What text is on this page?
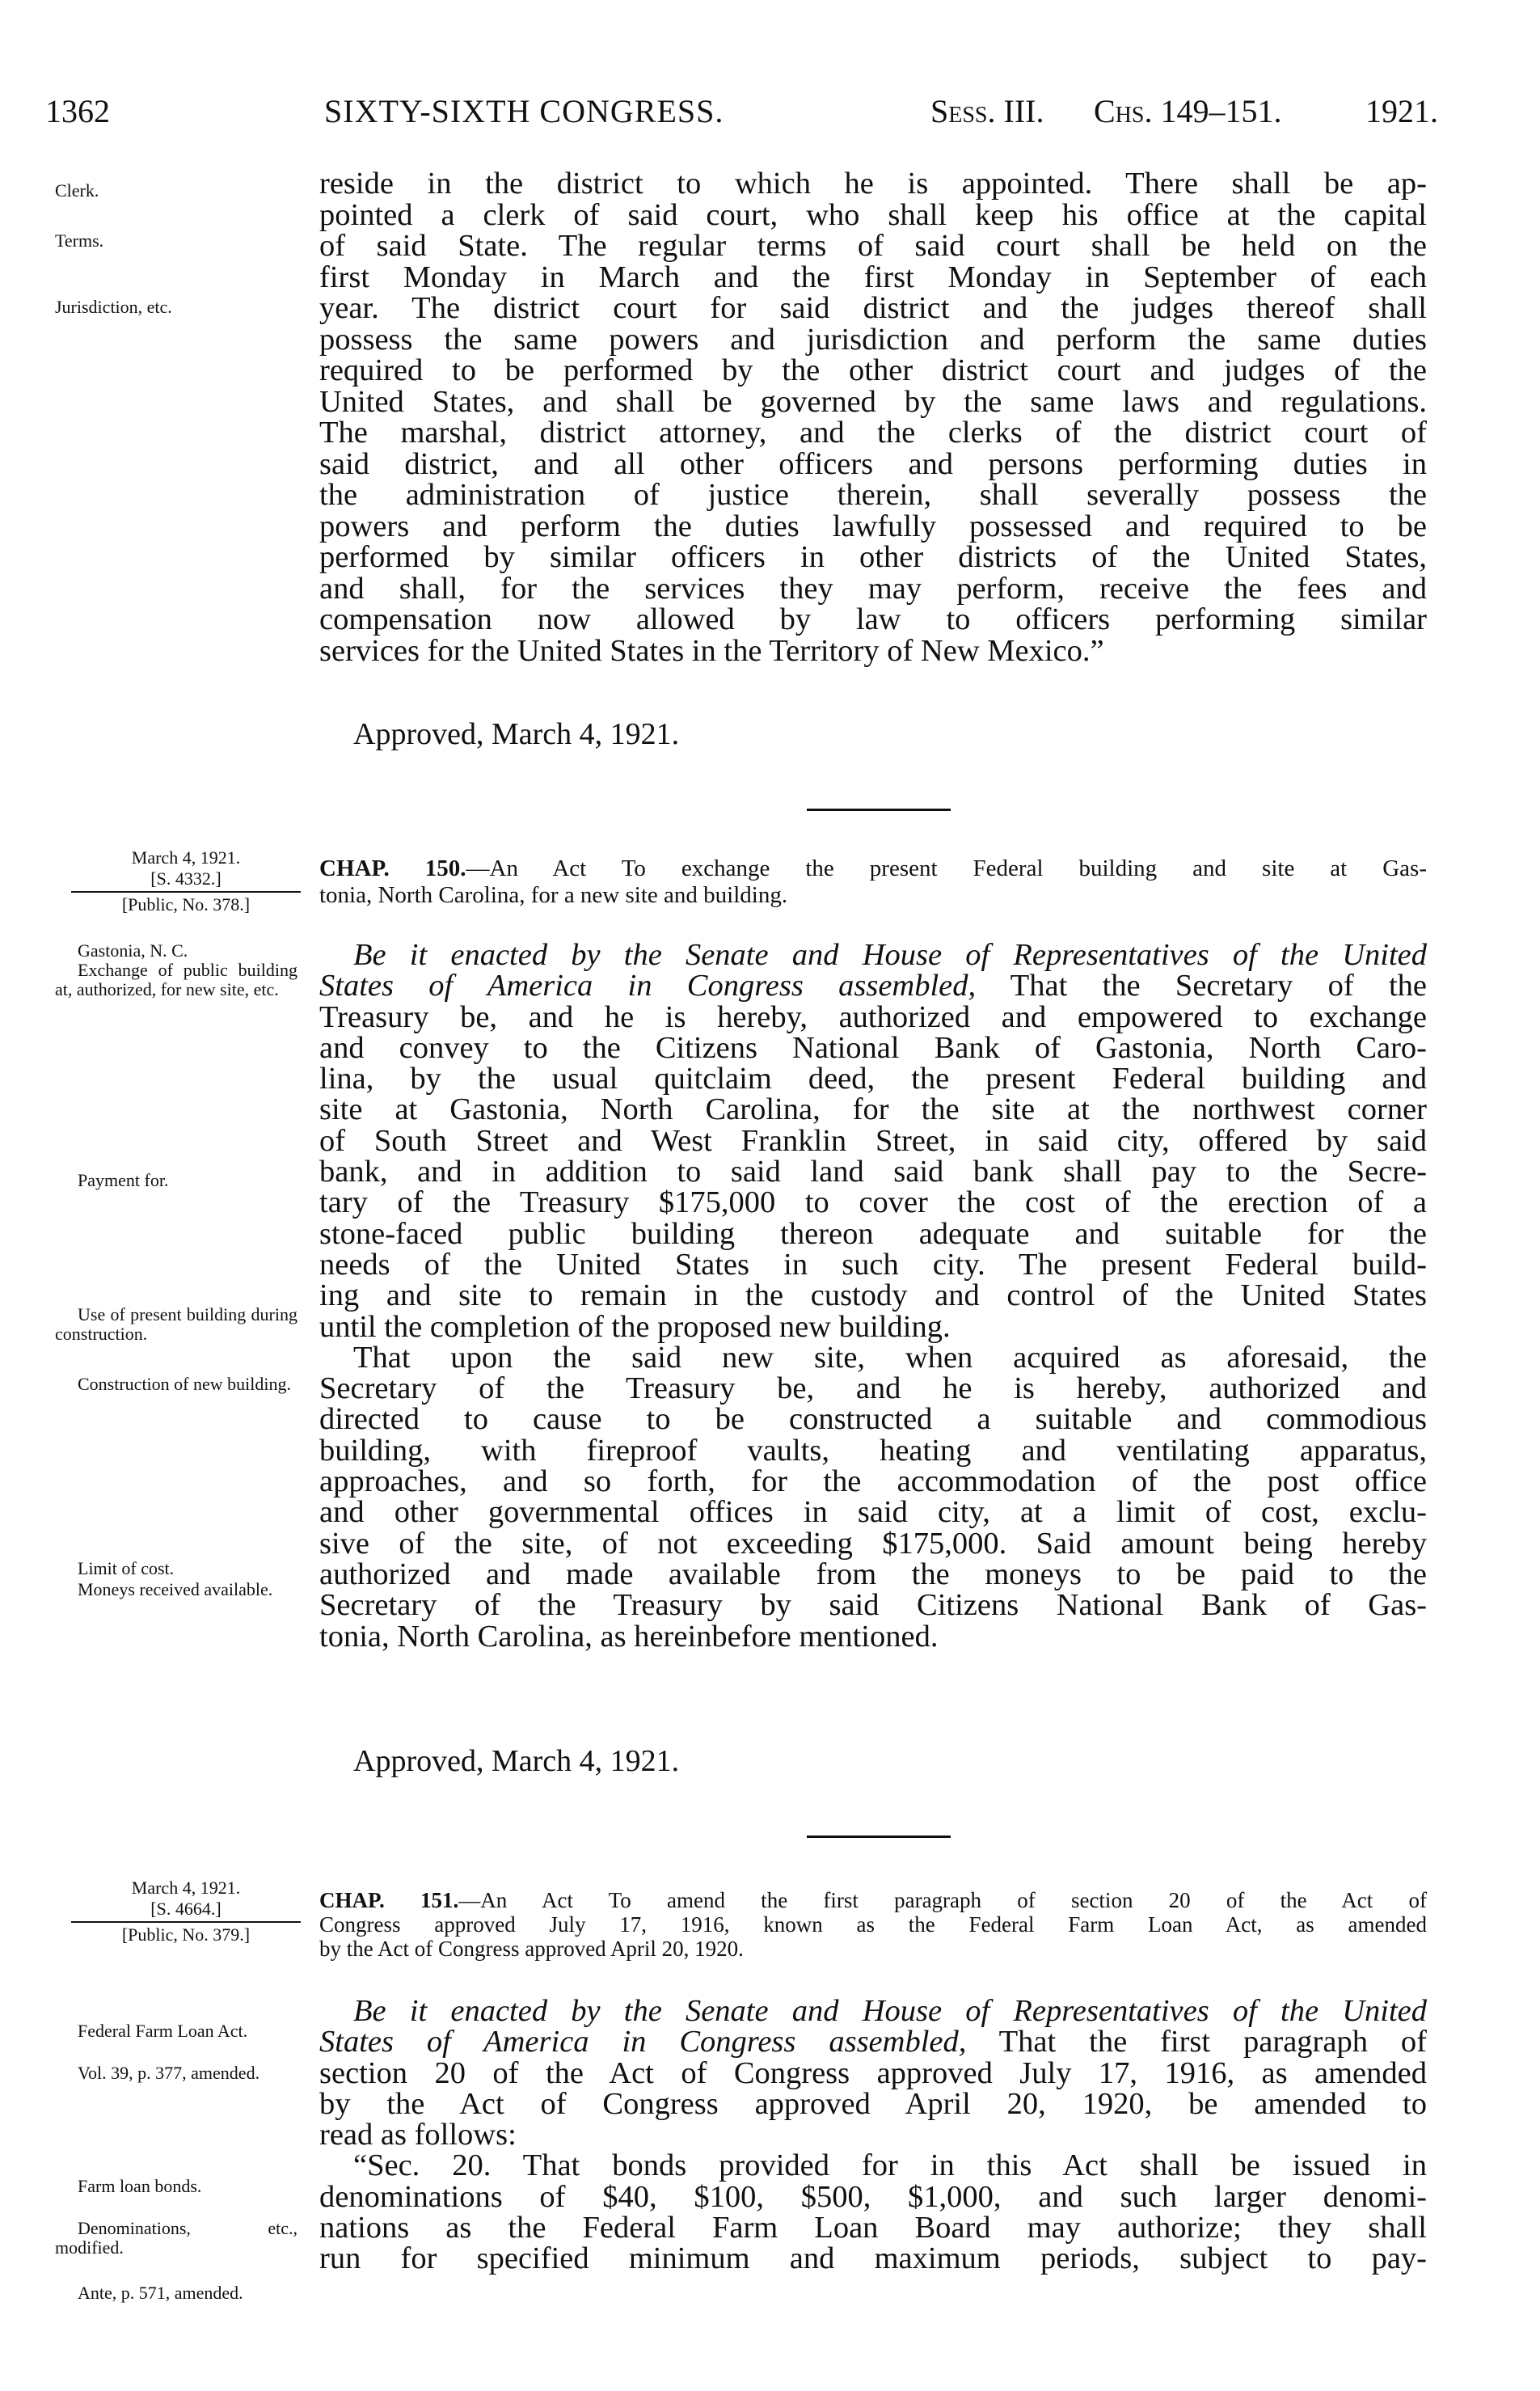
1362	SIXTY-SIXTH CONGRESS.	Sess. III. Chs. 149–151.	1921.
Clerk.
Terms.
Jurisdiction, etc.
reside in the district to which he is appointed. There shall be ap-
pointed a clerk of said court, who shall keep his office at the capital
of said State. The regular terms of said court shall be held on the
first Monday in March and the first Monday in September of each
year. The district court for said district and the judges thereof shall
possess the same powers and jurisdiction and perform the same duties
required to be performed by the other district court and judges of the
United States, and shall be governed by the same laws and regulations.
The marshal, district attorney, and the clerks of the district court of
said district, and all other officers and persons performing duties in
the administration of justice therein, shall severally possess the
powers and perform the duties lawfully possessed and required to be
performed by similar officers in other districts of the United States,
and shall, for the services they may perform, receive the fees and
compensation now allowed by law to officers performing similar
services for the United States in the Territory of New Mexico.”
Approved, March 4, 1921.
March 4, 1921.
[S. 4332.]
[Public, No. 378.]
CHAP. 150.—An Act To exchange the present Federal building and site at Gas-
tonia, North Carolina, for a new site and building.
Gastonia, N. C.
Exchange of public building at, authorized, for new site, etc.
Payment for.
Use of present building during construction.
Construction of new building.
Limit of cost.
Moneys received available.
Be it enacted by the Senate and House of Representatives of the United
States of America in Congress assembled, That the Secretary of the
Treasury be, and he is hereby, authorized and empowered to exchange
and convey to the Citizens National Bank of Gastonia, North Caro-
lina, by the usual quitclaim deed, the present Federal building and
site at Gastonia, North Carolina, for the site at the northwest corner
of South Street and West Franklin Street, in said city, offered by said
bank, and in addition to said land said bank shall pay to the Secre-
tary of the Treasury $175,000 to cover the cost of the erection of a
stone-faced public building thereon adequate and suitable for the
needs of the United States in such city. The present Federal build-
ing and site to remain in the custody and control of the United States
until the completion of the proposed new building.
That upon the said new site, when acquired as aforesaid, the
Secretary of the Treasury be, and he is hereby, authorized and
directed to cause to be constructed a suitable and commodious
building, with fireproof vaults, heating and ventilating apparatus,
approaches, and so forth, for the accommodation of the post office
and other governmental offices in said city, at a limit of cost, exclu-
sive of the site, of not exceeding $175,000. Said amount being hereby
authorized and made available from the moneys to be paid to the
Secretary of the Treasury by said Citizens National Bank of Gas-
tonia, North Carolina, as hereinbefore mentioned.
Approved, March 4, 1921.
March 4, 1921.
[S. 4664.]
[Public, No. 379.]
CHAP. 151.—An Act To amend the first paragraph of section 20 of the Act of
Congress approved July 17, 1916, known as the Federal Farm Loan Act, as amended
by the Act of Congress approved April 20, 1920.
Federal Farm Loan Act.
Vol. 39, p. 377, amended.
Farm loan bonds.
Denominations, etc., modified.
Ante, p. 571, amended.
Be it enacted by the Senate and House of Representatives of the United
States of America in Congress assembled, That the first paragraph of
section 20 of the Act of Congress approved July 17, 1916, as amended
by the Act of Congress approved April 20, 1920, be amended to
read as follows:
“Sec. 20. That bonds provided for in this Act shall be issued in
denominations of $40, $100, $500, $1,000, and such larger denomi-
nations as the Federal Farm Loan Board may authorize; they shall
run for specified minimum and maximum periods, subject to pay-
